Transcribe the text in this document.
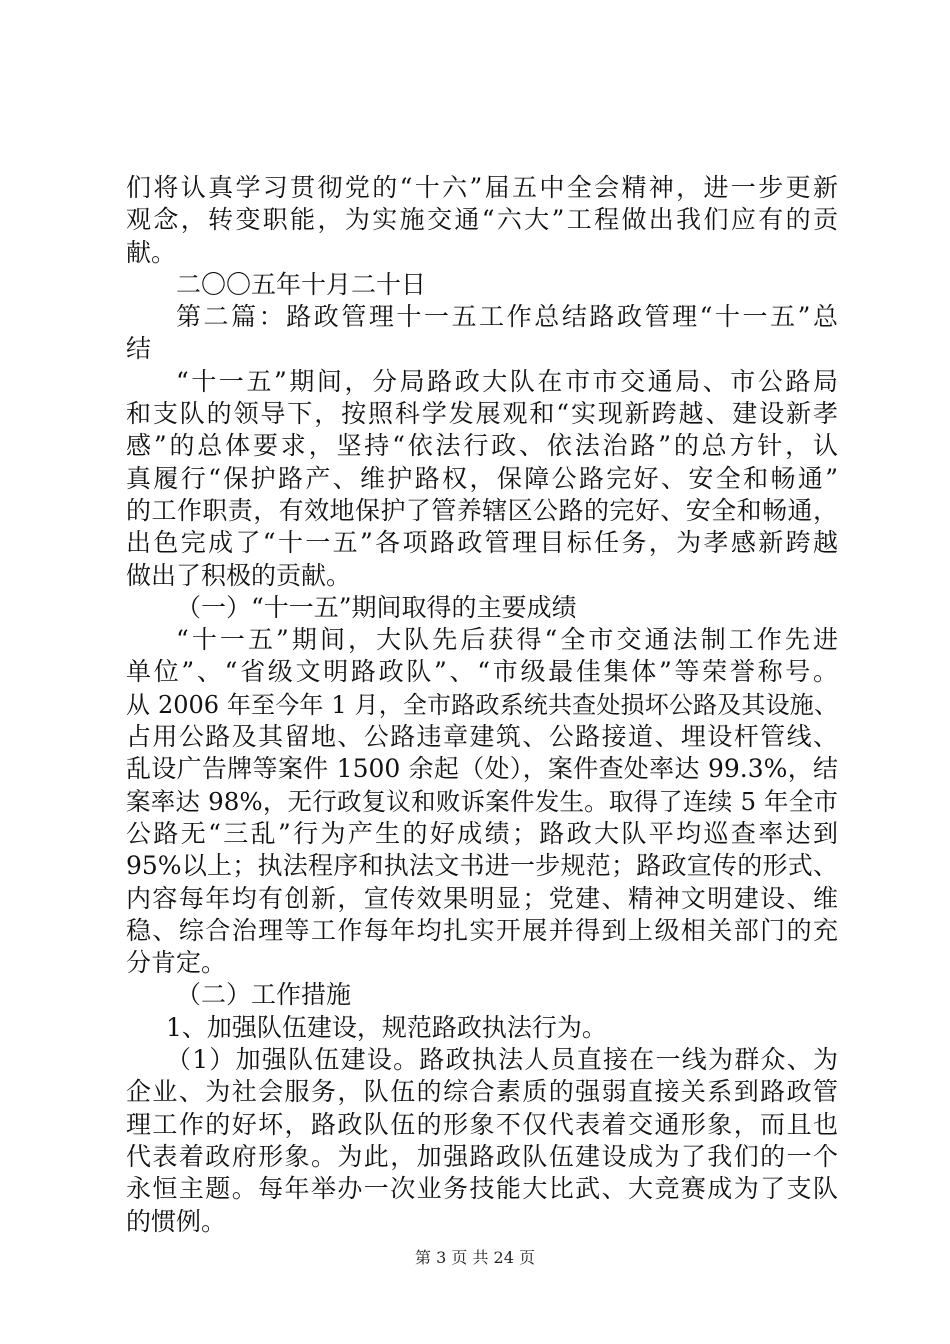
们将认真学习贯彻党的“十六”届五中全会精神，进一步更新
观念，转变职能，为实施交通“六大”工程做出我们应有的贡
献。
二〇〇五年十月二十日
第二篇：路政管理十一五工作总结路政管理“十一五”总
结
“十一五”期间，分局路政大队在市市交通局、市公路局
和支队的领导下，按照科学发展观和“实现新跨越、建设新孝
感”的总体要求，坚持“依法行政、依法治路”的总方针，认
真履行“保护路产、维护路权，保障公路完好、安全和畅通”
的工作职责，有效地保护了管养辖区公路的完好、安全和畅通，
出色完成了“十一五”各项路政管理目标任务，为孝感新跨越
做出了积极的贡献。
（一）“十一五”期间取得的主要成绩
“十一五”期间，大队先后获得“全市交通法制工作先进
单位”、“省级文明路政队”、“市级最佳集体”等荣誉称号。
从 2006 年至今年 1 月，全市路政系统共查处损坏公路及其设施、
占用公路及其留地、公路违章建筑、公路接道、埋设杆管线、
乱设广告牌等案件 1500 余起（处），案件查处率达 99.3%，结
案率达 98%，无行政复议和败诉案件发生。取得了连续 5 年全市
公路无“三乱”行为产生的好成绩；路政大队平均巡查率达到
95%以上；执法程序和执法文书进一步规范；路政宣传的形式、
内容每年均有创新，宣传效果明显；党建、精神文明建设、维
稳、综合治理等工作每年均扎实开展并得到上级相关部门的充
分肯定。
（二）工作措施
1、加强队伍建设，规范路政执法行为。
（1）加强队伍建设。路政执法人员直接在一线为群众、为
企业、为社会服务，队伍的综合素质的强弱直接关系到路政管
理工作的好坏，路政队伍的形象不仅代表着交通形象，而且也
代表着政府形象。为此，加强路政队伍建设成为了我们的一个
永恒主题。每年举办一次业务技能大比武、大竞赛成为了支队
的惯例。
第 3 页 共 24 页
